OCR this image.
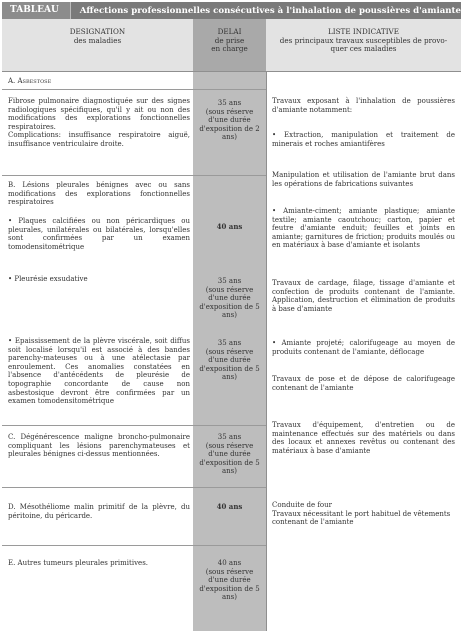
TABLEAU	Affections professionnelles consécutives à l'inhalation de poussières d'amiante
DESIGNATION
des maladies
DELAI
de prise
en charge
LISTE INDICATIVE
des principaux travaux susceptibles de provo-
quer ces maladies
A. Asbestose
Fibrose pulmonaire diagnostiquée sur des signes radiologiques spécifiques, qu'il y ait ou non des modifications des explorations fonctionnelles respiratoires.
Complications: insuffisance respiratoire aiguë, insuffisance ventriculaire droite.
B. Lésions pleurales bénignes avec ou sans modifications des explorations fonctionnelles respiratoires
• Plaques calcifiées ou non péricardiques ou pleurales, unilatérales ou bilatérales, lorsqu'elles sont confirmées par un examen tomodensitométrique
• Pleurésie exsudative
• Epaississement de la plèvre viscérale, soit diffus soit localisé lorsqu'il est associé à des bandes parenchy-mateuses ou à une atélectasie par enroulement. Ces anomalies constatées en l'absence d'antécédents de pleurésie de topographie concordante de cause non asbestosique devront être confirmées par un examen tomodensitométrique
C. Dégénérescence maligne broncho-pulmonaire compliquant les lésions parenchymateuses et pleurales bénignes ci-dessus mentionnées.
D. Mésothéliome malin primitif de la plèvre, du péritoine, du péricarde.
E. Autres tumeurs pleurales primitives.
35 ans
(sous réserve
d'une durée
d'exposition de 2
ans)
40 ans
35 ans
(sous réserve
d'une durée
d'exposition de 5
ans)
35 ans
(sous réserve
d'une durée
d'exposition de 5
ans)
35 ans
(sous réserve
d'une durée
d'exposition de 5
ans)
40 ans
40 ans
(sous réserve
d'une durée
d'exposition de 5
ans)
Travaux exposant à l'inhalation de poussières d'amiante notamment:
• Extraction, manipulation et traitement de minerais et roches amiantifères
Manipulation et utilisation de l'amiante brut dans les opérations de fabrications suivantes
• Amiante-ciment; amiante plastique; amiante textile; amiante caoutchouc; carton, papier et feutre d'amiante enduit; feuilles et joints en amiante; garnitures de friction; produits moulés ou en matériaux à base d'amiante et isolants
Travaux de cardage, filage, tissage d'amiante et confection de produits contenant de l'amiante. Application, destruction et élimination de produits à base d'amiante
• Amiante projeté; calorifugeage au moyen de produits contenant de l'amiante, déflocage
Travaux de pose et de dépose de calorifugeage contenant de l'amiante
Travaux d'équipement, d'entretien ou de maintenance effectués sur des matériels ou dans des locaux et annexes revêtus ou contenant des matériaux à base d'amiante
Conduite de four
Travaux nécessitant le port habituel de vêtements contenant de l'amiante
